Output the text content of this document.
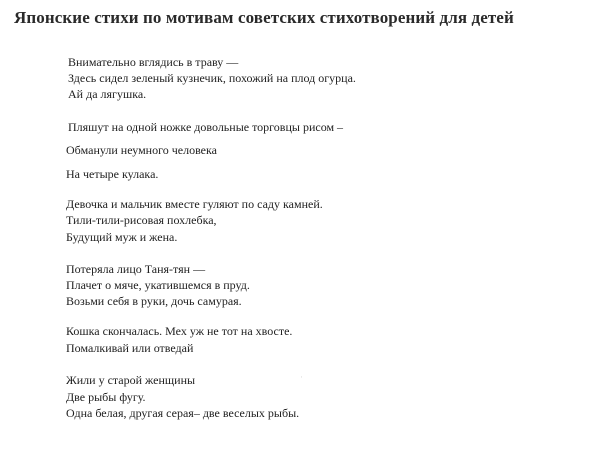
Японские стихи по мотивам советских стихотворений для детей
Внимательно вглядись в траву —
Здесь сидел зеленый кузнечик, похожий на плод огурца.
Ай да лягушка.
Пляшут на одной ножке довольные торговцы рисом –
Обманули неумного человека
На четыре кулака.
Девочка и мальчик вместе гуляют по саду камней.
Тили-тили-рисовая похлебка,
Будущий муж и жена.
Потеряла лицо Таня-тян —
Плачет о мяче, укатившемся в пруд.
Возьми себя в руки, дочь самурая.
Кошка скончалась. Мех уж не тот на хвосте.
Помалкивай или отведай
Жили у старой женщины
Две рыбы фугу.
Одна белая, другая серая– две веселых рыбы.
·
